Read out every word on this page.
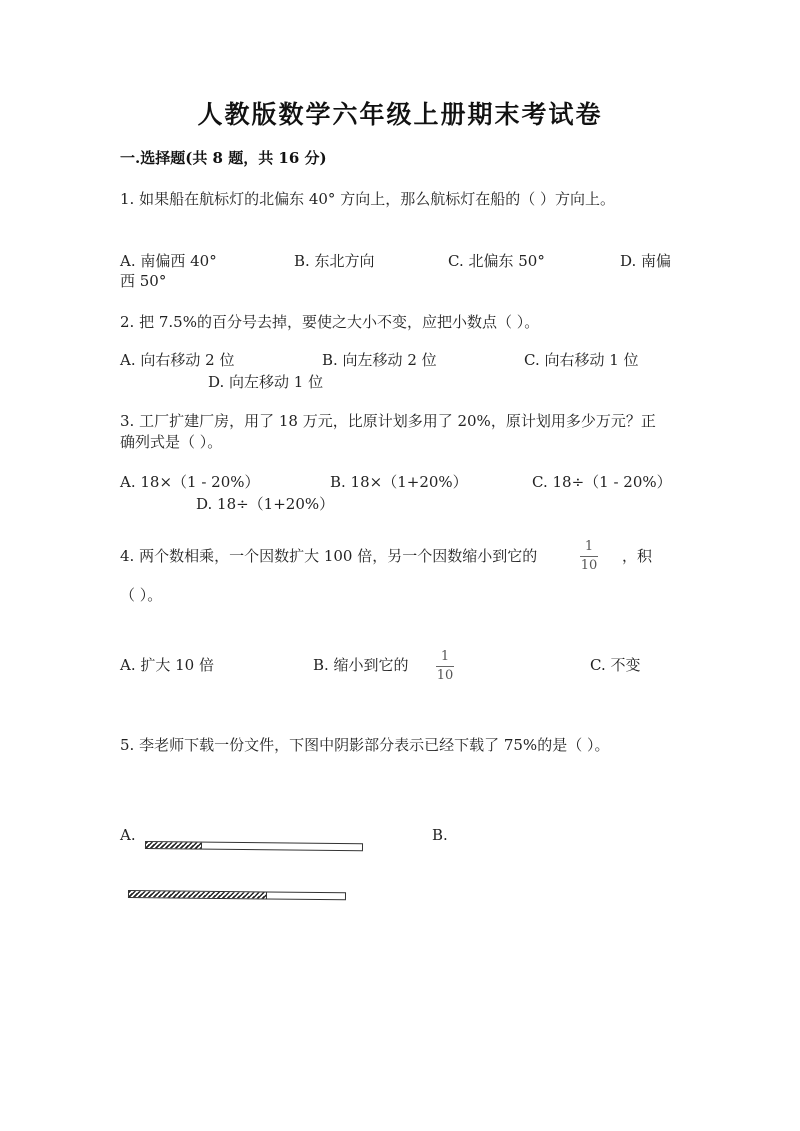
人教版数学六年级上册期末考试卷
一.选择题(共 8 题，共 16 分)
1. 如果船在航标灯的北偏东 40° 方向上，那么航标灯在船的（ ）方向上。
A. 南偏西 40°	B. 东北方向	C. 北偏东 50°	D. 南偏
西 50°
2. 把 7.5%的百分号去掉，要使之大小不变，应把小数点（ ）。
A. 向右移动 2 位	B. 向左移动 2 位	C. 向右移动 1 位
D. 向左移动 1 位
3. 工厂扩建厂房，用了 18 万元，比原计划多用了 20%，原计划用多少万元？正
确列式是（ ）。
A. 18×（1 - 20%）	B. 18×（1+20%）	C. 18÷（1 - 20%）
D. 18÷（1+20%）
4. 两个数相乘，一个因数扩大 100 倍，另一个因数缩小到它的
1
10
，积
（ ）。
A. 扩大 10 倍	B. 缩小到它的 1
10
C. 不变
5. 李老师下载一份文件，下图中阴影部分表示已经下载了 75%的是（ ）。
A.	B.
